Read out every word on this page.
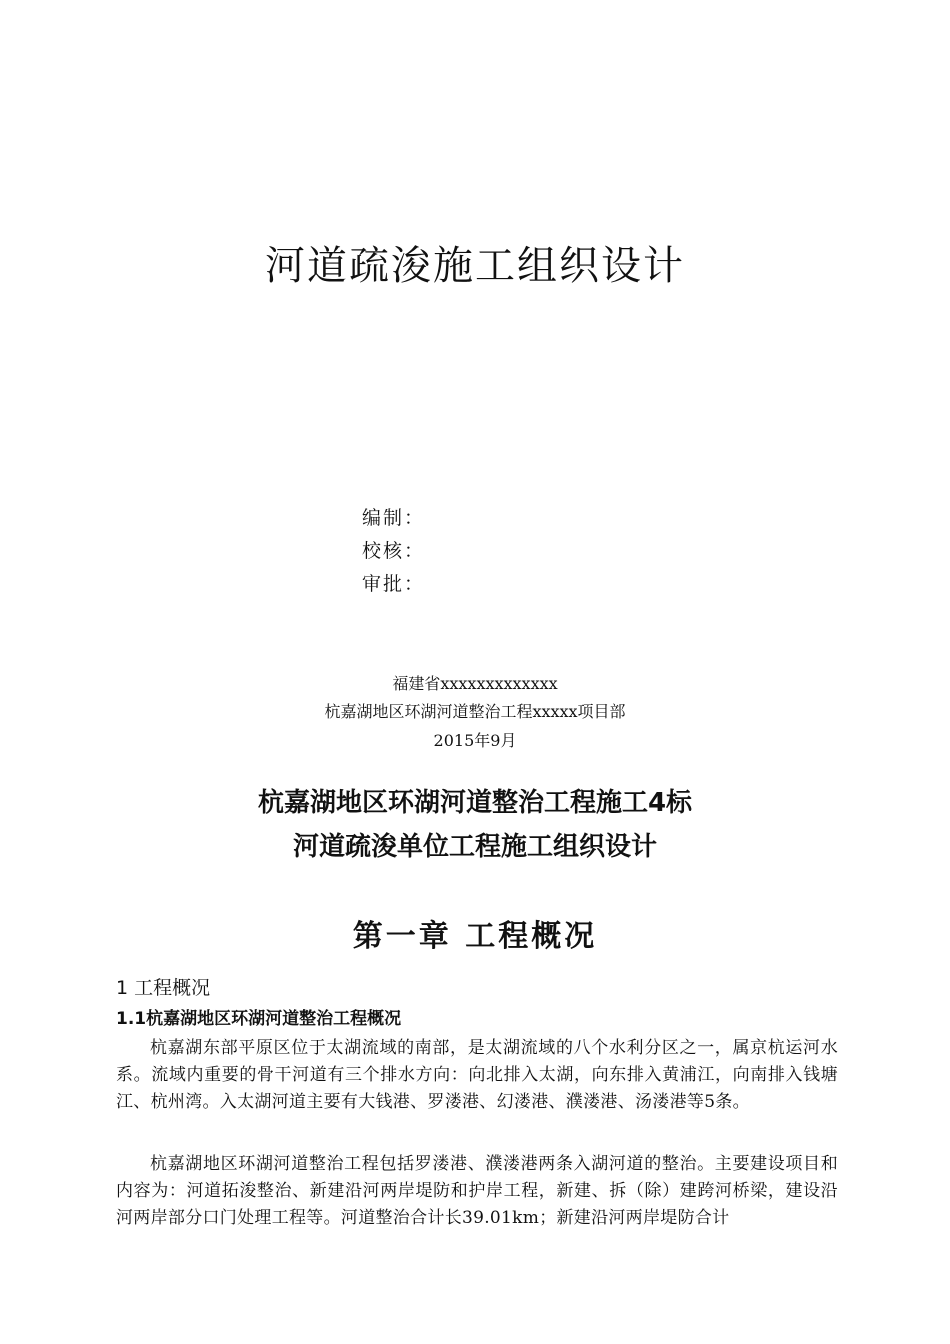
河道疏浚施工组织设计
编制：
校核：
审批：
福建省xxxxxxxxxxxxx
杭嘉湖地区环湖河道整治工程xxxxx项目部
2015年9月
杭嘉湖地区环湖河道整治工程施工4标
河道疏浚单位工程施工组织设计
第一章 工程概况
1 工程概况
1.1杭嘉湖地区环湖河道整治工程概况
杭嘉湖东部平原区位于太湖流域的南部，是太湖流域的八个水利分区之一，属京杭运河水系。流域内重要的骨干河道有三个排水方向：向北排入太湖，向东排入黄浦江，向南排入钱塘江、杭州湾。入太湖河道主要有大钱港、罗溇港、幻溇港、濮溇港、汤溇港等5条。
杭嘉湖地区环湖河道整治工程包括罗溇港、濮溇港两条入湖河道的整治。主要建设项目和内容为：河道拓浚整治、新建沿河两岸堤防和护岸工程，新建、拆（除）建跨河桥梁，建设沿河两岸部分口门处理工程等。河道整治合计长39.01km；新建沿河两岸堤防合计
